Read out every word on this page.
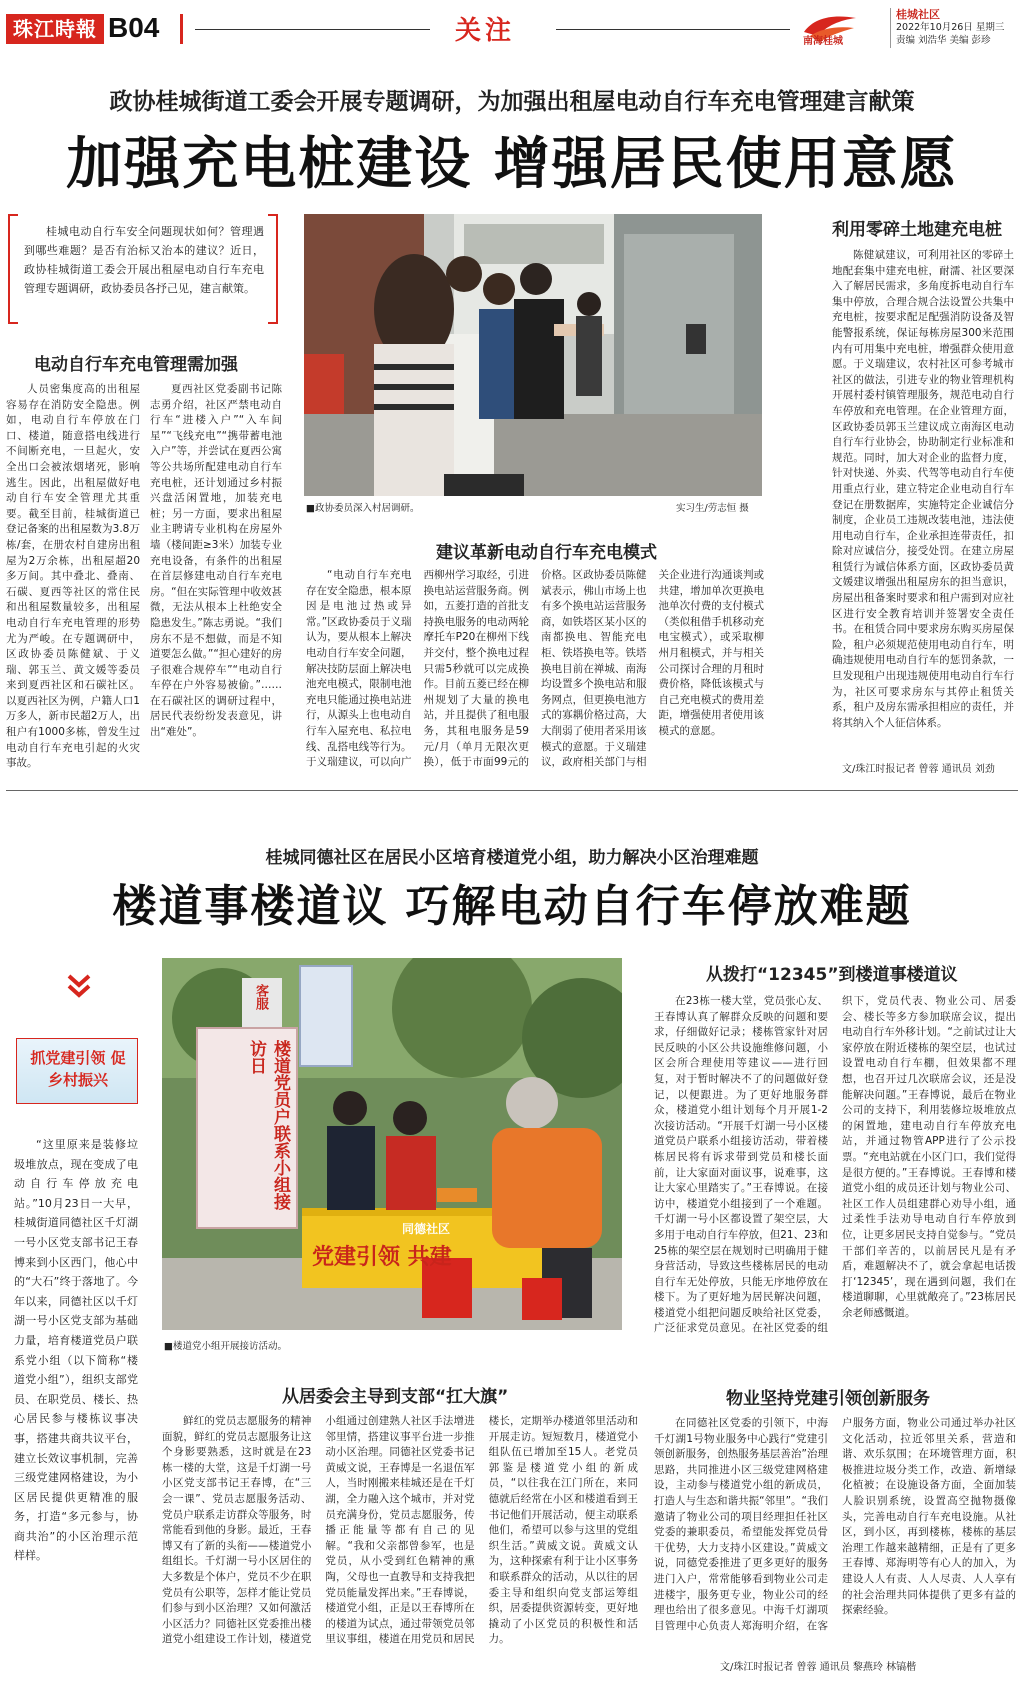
珠江時報 B04	关注	南海桂城
桂城社区
2022年10月26日 星期三
责编 刘浩华 美编 彭珍
政协桂城街道工委会开展专题调研，为加强出租屋电动自行车充电管理建言献策
加强充电桩建设 增强居民使用意愿

桂城电动自行车安全问题现状如何？管理遇到哪些难题？是否有治标又治本的建议？近日，政协桂城街道工委会开展出租屋电动自行车充电管理专题调研，政协委员各抒己见，建言献策。

电动自行车充电管理需加强
人员密集度高的出租屋容易存在消防安全隐患。例如，电动自行车停放在门口、楼道，随意搭电线进行不间断充电，一旦起火，安全出口会被浓烟堵死，影响逃生。因此，出租屋做好电动自行车安全管理尤其重要。截至目前，桂城街道已登记备案的出租屋数为3.8万栋/套，在册农村自建房出租屋为2万余栋，出租屋超20多万间。其中叠北、叠南、石碳、夏西等社区的常住民和出租屋数量较多，出租屋电动自行车充电管理的形势尤为严峻。在专题调研中，区政协委员陈健斌、于义瑞、郭玉兰、黄文媛等委员来到夏西社区和石碳社区。以夏西社区为例，户籍人口1万多人，新市民超2万人，出租户有1000多栋，曾发生过电动自行车充电引起的火灾事故。
夏西社区党委副书记陈志勇介绍，社区严禁电动自行车“进楼入户”“入车间星”“飞线充电”“携带蓄电池入户”等，并尝试在夏西公寓等公共场所配建电动自行车充电桩，还计划通过乡村振兴盘活闲置地，加装充电桩；另一方面，要求出租屋业主聘请专业机构在房屋外墙（楼间距≥3米）加装专业充电设备，有条件的出租屋在首层修建电动自行车充电房。“但在实际管理中收效甚微，无法从根本上杜绝安全隐患发生。”陈志勇说。“我们房东不是不想做，而是不知道要怎么做。”“担心建好的房子很难合规停车”“电动自行车停在户外容易被偷。”……在石碳社区的调研过程中，居民代表纷纷发表意见，讲出“难处”。
■政协委员深入村居调研。	实习生/劳志恒 摄
建议革新电动自行车充电模式
“电动自行车充电存在安全隐患，根本原因是电池过热或异常。”区政协委员于义瑞认为，要从根本上解决电动自行车安全问题，解决技防层面上解决电池充电模式，限制电池充电只能通过换电站进行，从源头上也电动自行车入屋充电、私拉电线、乱搭电线等行为。于义瑞建议，可以向广西柳州学习取经，引进换电站运营服务商。例如，五菱打造的首批支持换电服务的电动两轮摩托车P20在柳州下线并交付，整个换电过程只需5秒就可以完成换作。目前五菱已经在柳州规划了大量的换电站，并且提供了租电服务，其租电服务是59元/月（单月无限次更换），低于市面99元的价格。区政协委员陈健斌表示，佛山市场上也有多个换电站运营服务商，如铁塔区某小区的南都换电、智能充电柜、铁塔换电等。铁塔换电目前在禅城、南海均设置多个换电站和服务网点，但更换电池方式的寡耦价格过高，大大削弱了使用者采用该模式的意愿。于义瑞建议，政府相关部门与相关企业进行沟通谈判或共建，增加单次更换电池单次付费的支付模式（类似租借手机移动充电宝模式），或采取柳州月租模式，并与相关公司探讨合理的月租时费价格，降低该模式与自己充电模式的费用差距，增强使用者使用该模式的意愿。
利用零碎土地建充电桩
陈健斌建议，可利用社区的零碎土地配套集中建充电桩，耐濡、社区要深入了解居民需求，多角度拆电动自行车集中停放，合理合规合法设置公共集中充电桩，按要求配足配强消防设备及智能警报系统，保证每栋房屋300米范围内有可用集中充电桩，增强群众使用意愿。于义瑞建议，农村社区可参考城市社区的做法，引进专业的物业管理机构开展村委村镇管理服务，规范电动自行车停放和充电管理。在企业管理方面，区政协委员郭玉兰建议成立南海区电动自行车行业协会，协助制定行业标准和规范。同时，加大对企业的监督力度，针对快递、外卖、代驾等电动自行车使用重点行业，建立特定企业电动自行车登记在册数据库，实施特定企业诚信分制度，企业员工违规改装电池，违法使用电动自行车，企业承担连带责任，扣除对应诚信分，接受处罚。在建立房屋租赁行为诚信体系方面，区政协委员黄文媛建议增强出租屋房东的担当意识，房屋出租备案时要求和租户需到对应社区进行安全教育培训并签署安全责任书。在租赁合同中要求房东购买房屋保险，租户必须规范使用电动自行车，明确违规使用电动自行车的惩罚条款，一旦发现租户出现违规使用电动自行车行为，社区可要求房东与其停止租赁关系，租户及房东需承担相应的责任，并将其纳入个人征信体系。
文/珠江时报记者 曾蓉 通讯员 刘劲
桂城同德社区在居民小区培育楼道党小组，助力解决小区治理难题
楼道事楼道议 巧解电动自行车停放难题
抓党建引领 促乡村振兴
“这里原来是装修垃圾堆放点，现在变成了电动自行车停放充电站。”10月23日一大早，桂城街道同德社区千灯湖一号小区党支部书记王春博来到小区西门，他心中的“大石”终于落地了。今年以来，同德社区以千灯湖一号小区党支部为基础力量，培育楼道党员户联系党小组（以下简称“楼道党小组”），组织支部党员、在职党员、楼长、热心居民参与楼栋议事决事，搭建共商共议平台，建立长效议事机制，完善三级党建网格建设，为小区居民提供更精准的服务，打造“多元参与，协商共治”的小区治理示范样样。
楼道党员户联系小组接访日
客服
同德社区
党建引领 共建
■楼道党小组开展接访活动。
从拨打“12345”到楼道事楼道议
在23栋一楼大堂，党员张心友、王春博认真了解群众反映的问题和要求，仔细做好记录；楼栋管家针对居民反映的小区公共设施维修问题，小区会所合理使用等建议——进行回复，对于暂时解决不了的问题做好登记，以便跟进。为了更好地服务群众，楼道党小组计划每个月开展1-2次接访活动。“开展千灯湖一号小区楼道党员户联系小组接访活动，带着楼栋居民将有诉求带到党员和楼长面前，让大家面对面议事，说难事，这让大家心里踏实了。”王春博说。在接访中，楼道党小组接到了一个难题。千灯湖一号小区都设置了架空层，大多用于电动自行车停放，但21、23和25栋的架空层在规划时已明确用于健身营活动，导致这些楼栋居民的电动自行车无处停放，只能无序地停放在楼下。为了更好地为居民解决问题，楼道党小组把问题反映给社区党委，广泛征求党员意见。在社区党委的组织下，党员代表、物业公司、居委会、楼长等多方参加联席会议，提出电动自行车外移计划。“之前试过让大家停放在附近楼栋的架空层，也试过设置电动自行车棚，但效果都不理想，也召开过几次联席会议，还是没能解决问题。”王春博说，最后在物业公司的支持下，利用装修垃圾堆放点的闲置地，建电动自行车停放充电站，并通过物管APP进行了公示投票。“充电站就在小区门口，我们觉得是很方便的。”王春博说。王春博和楼道党小组的成员还计划与物业公司、社区工作人员组建群心劝导小组，通过柔性手法劝导电动自行车停放到位，让更多居民支持自觉参与。“党员干部们辛苦的，以前居民凡是有矛盾，难题解决不了，就会拿起电话拨打‘12345’，现在遇到问题，我们在楼道聊聊，心里就敞亮了。”23栋居民余老师感慨道。
从居委会主导到支部“扛大旗”
鲜红的党员志愿服务的精神面貌，鲜红的党员志愿服务让这个身影要熟悉，这时就是在23栋一楼的大堂，这是千灯湖一号小区党支部书记王春博，在“三会一课”、党员志愿服务活动、党员户联系走访群众等服务，时常能看到他的身影。最近，王春博又有了新的头衔——楼道党小组组长。千灯湖一号小区居住的大多数是个体户，党员不少在职党员有公职等，怎样才能让党员们参与到小区治理？又如何激活小区活力？同德社区党委推出楼道党小组建设工作计划，楼道党小组通过创建熟人社区手法增进邻里情，搭建议事平台进一步推动小区治理。同德社区党委书记黄威文说，王春博是一名退伍军人，当时刚搬来桂城还是在千灯湖，全力融入这个城市，并对党员充满身份，党员志愿服务，传播正能量等都有自己的见解。“我和父亲都曾参军，也是党员，从小受到红色精神的熏陶，父母也一直教导和支持我把党员能量发挥出来。”王春博说，楼道党小组，正是以王春博所在的楼道为试点，通过带领党员邻里议事组，楼道在用党员和居民楼长，定期举办楼道邻里活动和开展走访。短短数月，楼道党小组队伍已增加至15人。老党员郭鉴是楼道党小组的新成员，“以往我在江门所在，来同德就后经常在小区和楼道看到王书记他们开展活动，便主动联系他们，希望可以参与这里的党组织生活。”黄威文说。黄威文认为，这种探索有利于让小区事务和联系群众的活动，从以往的居委主导和组织向党支部运筹组织，居委提供资源转变，更好地撬动了小区党员的积极性和活力。
物业坚持党建引领创新服务
在同德社区党委的引领下，中海千灯湖1号物业服务中心践行“党建引领创新服务，创热服务基层善治”治理思路，共同推进小区三级党建网格建设，主动参与楼道党小组的新成员，打造人与生态和谐共振“邻里”。“我们邀请了物业公司的项目经理担任社区党委的兼职委员，希望能发挥党员骨干优势，大力支持小区建设。”黄威文说，同德党委推进了更多更好的服务进门入户，常常能够看到物业公司走进楼宇，服务更专业，物业公司的经理也给出了很多意见。中海千灯湖项目管理中心负责人郑海明介绍，在客户服务方面，物业公司通过举办社区文化活动，拉近邻里关系，营造和谐、欢乐氛围；在环境管理方面，积极推进垃圾分类工作，改造、新增绿化植被；在设施设备方面，全面加装人脸识别系统，设置高空抛物摄像头，完善电动自行车充电设施。从社区，到小区，再到楼栋，楼栋的基层治理工作越来越精细，正是有了更多王春博、郑海明等有心人的加入，为建设人人有责、人人尽责、人人享有的社会治理共同体提供了更多有益的探索经验。
文/珠江时报记者 曾蓉 通讯员 黎燕玲 林镐楷
